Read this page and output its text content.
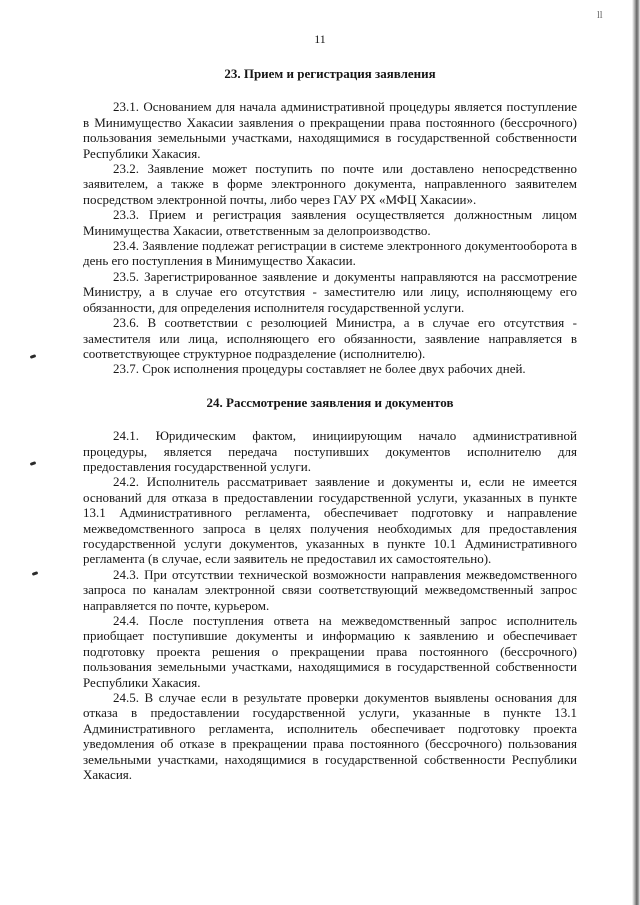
ll
11
23. Прием и регистрация заявления

23.1. Основанием для начала административной процедуры является поступление в Минимущество Хакасии заявления о прекращении права постоянного (бессрочного) пользования земельными участками, находящимися в государственной собственности Республики Хакасия.

23.2. Заявление может поступить по почте или доставлено непосредственно заявителем, а также в форме электронного документа, направленного заявителем посредством электронной почты, либо через ГАУ РХ «МФЦ Хакасии».

23.3. Прием и регистрация заявления осуществляется должностным лицом Минимущества Хакасии, ответственным за делопроизводство.

23.4. Заявление подлежат регистрации в системе электронного документооборота в день его поступления в Минимущество Хакасии.

23.5. Зарегистрированное заявление и документы направляются на рассмотрение Министру, а в случае его отсутствия - заместителю или лицу, исполняющему его обязанности, для определения исполнителя государственной услуги.

23.6. В соответствии с резолюцией Министра, а в случае его отсутствия - заместителя или лица, исполняющего его обязанности, заявление направляется в соответствующее структурное подразделение (исполнителю).

23.7. Срок исполнения процедуры составляет не более двух рабочих дней.

24. Рассмотрение заявления и документов

24.1. Юридическим фактом, инициирующим начало административной процедуры, является передача поступивших документов исполнителю для предоставления государственной услуги.

24.2. Исполнитель рассматривает заявление и документы и, если не имеется оснований для отказа в предоставлении государственной услуги, указанных в пункте 13.1 Административного регламента, обеспечивает подготовку и направление межведомственного запроса в целях получения необходимых для предоставления государственной услуги документов, указанных в пункте 10.1 Административного регламента (в случае, если заявитель не предоставил их самостоятельно).

24.3. При отсутствии технической возможности направления межведомственного запроса по каналам электронной связи соответствующий межведомственный запрос направляется по почте, курьером.

24.4. После поступления ответа на межведомственный запрос исполнитель приобщает поступившие документы и информацию к заявлению и обеспечивает подготовку проекта решения о прекращении права постоянного (бессрочного) пользования земельными участками, находящимися в государственной собственности Республики Хакасия.

24.5. В случае если в результате проверки документов выявлены основания для отказа в предоставлении государственной услуги, указанные в пункте 13.1 Административного регламента, исполнитель обеспечивает подготовку проекта уведомления об отказе в прекращении права постоянного (бессрочного) пользования земельными участками, находящимися в государственной собственности Республики Хакасия.
